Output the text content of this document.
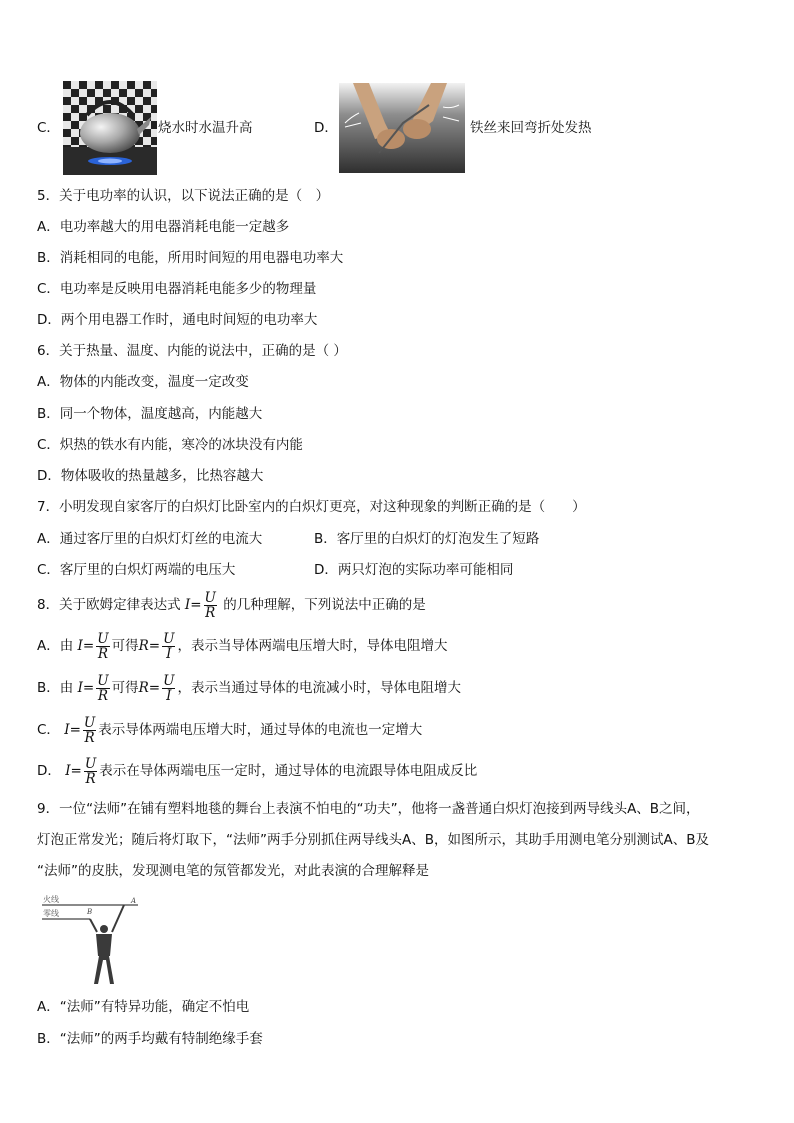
C．	烧水时水温升高	D．	铁丝来回弯折处发热
5．关于电功率的认识，以下说法正确的是（　）
A．电功率越大的用电器消耗电能一定越多
B．消耗相同的电能，所用时间短的用电器电功率大
C．电功率是反映用电器消耗电能多少的物理量
D．两个用电器工作时，通电时间短的电功率大
6．关于热量、温度、内能的说法中，正确的是（ ）
A．物体的内能改变，温度一定改变
B．同一个物体，温度越高，内能越大
C．炽热的铁水有内能，寒冷的冰块没有内能
D．物体吸收的热量越多，比热容越大
7．小明发现自家客厅的白炽灯比卧室内的白炽灯更亮，对这种现象的判断正确的是（　　）
A．通过客厅里的白炽灯灯丝的电流大	B．客厅里的白炽灯的灯泡发生了短路
C．客厅里的白炽灯两端的电压大	D．两只灯泡的实际功率可能相同
8．关于欧姆定律表达式 $I= \frac{U}{R}$ 的几种理解，下列说法中正确的是
A．由 $I= \frac{U}{R}$ 可得$R= \frac{U}{I}$ ，表示当导体两端电压增大时，导体电阻增大
B．由 $I= \frac{U}{R}$ 可得$R= \frac{U}{I}$ ，表示当通过导体的电流减小时，导体电阻增大
C． $I= \frac{U}{R}$ 表示导体两端电压增大时，通过导体的电流也一定增大
D． $I= \frac{U}{R}$ 表示在导体两端电压一定时，通过导体的电流跟导体电阻成反比
9．一位“法师”在铺有塑料地毯的舞台上表演不怕电的“功夫”，他将一盏普通白炽灯泡接到两导线头A、B之间，
灯泡正常发光；随后将灯取下，“法师”两手分别抓住两导线头A、B，如图所示，其助手用测电笔分别测试A、B及
“法师”的皮肤，发现测电笔的氖管都发光，对此表演的合理解释是
火线	A
零线	B
A．“法师”有特异功能，确定不怕电
B．“法师”的两手均戴有特制绝缘手套
